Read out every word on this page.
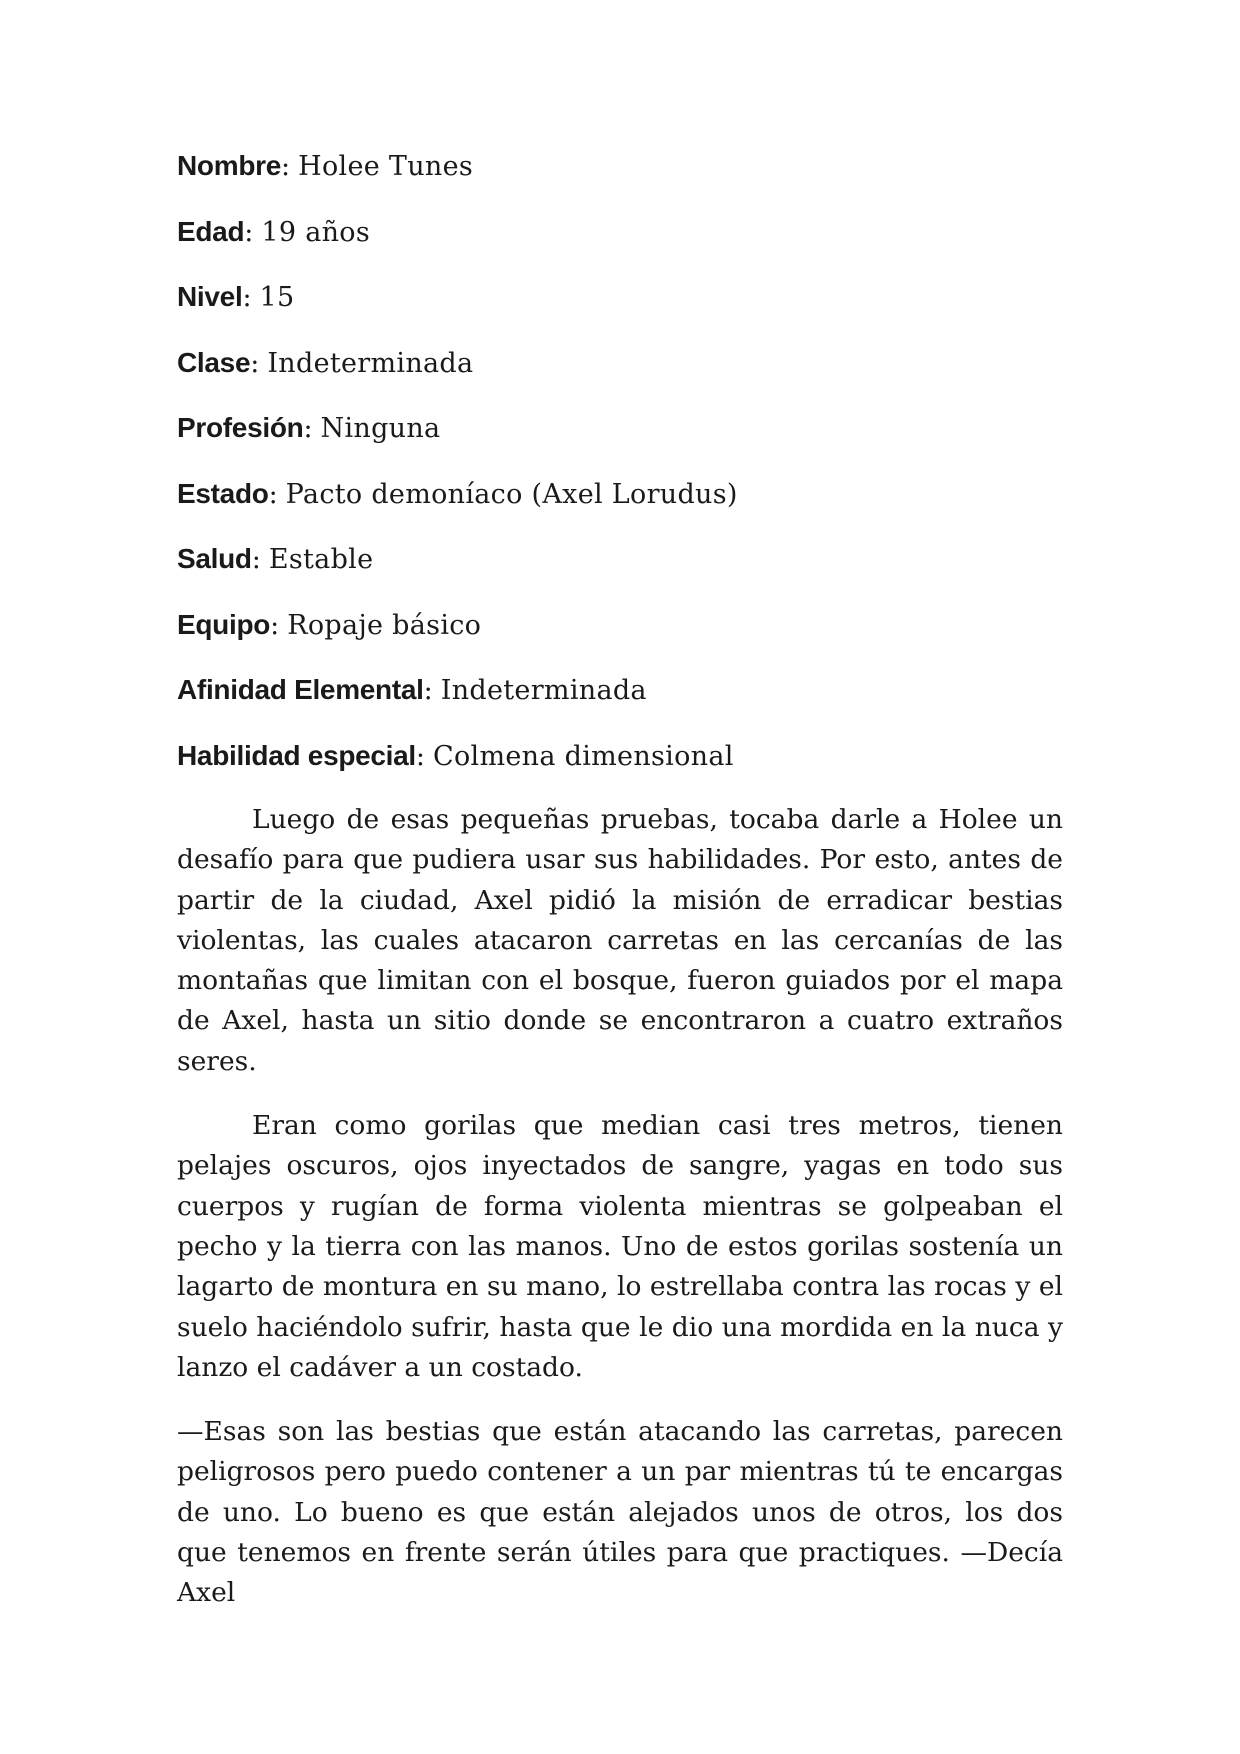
Nombre: Holee Tunes
Edad: 19 años
Nivel: 15
Clase: Indeterminada
Profesión: Ninguna
Estado: Pacto demoníaco (Axel Lorudus)
Salud: Estable
Equipo: Ropaje básico
Afinidad Elemental: Indeterminada
Habilidad especial: Colmena dimensional

Luego de esas pequeñas pruebas, tocaba darle a Holee un desafío para que pudiera usar sus habilidades. Por esto, antes de partir de la ciudad, Axel pidió la misión de erradicar bestias violentas, las cuales atacaron carretas en las cercanías de las montañas que limitan con el bosque, fueron guiados por el mapa de Axel, hasta un sitio donde se encontraron a cuatro extraños seres.

Eran como gorilas que median casi tres metros, tienen pelajes oscuros, ojos inyectados de sangre, yagas en todo sus cuerpos y rugían de forma violenta mientras se golpeaban el pecho y la tierra con las manos. Uno de estos gorilas sostenía un lagarto de montura en su mano, lo estrellaba contra las rocas y el suelo haciéndolo sufrir, hasta que le dio una mordida en la nuca y lanzo el cadáver a un costado.

—Esas son las bestias que están atacando las carretas, parecen peligrosos pero puedo contener a un par mientras tú te encargas de uno. Lo bueno es que están alejados unos de otros, los dos que tenemos en frente serán útiles para que practiques. —Decía Axel
